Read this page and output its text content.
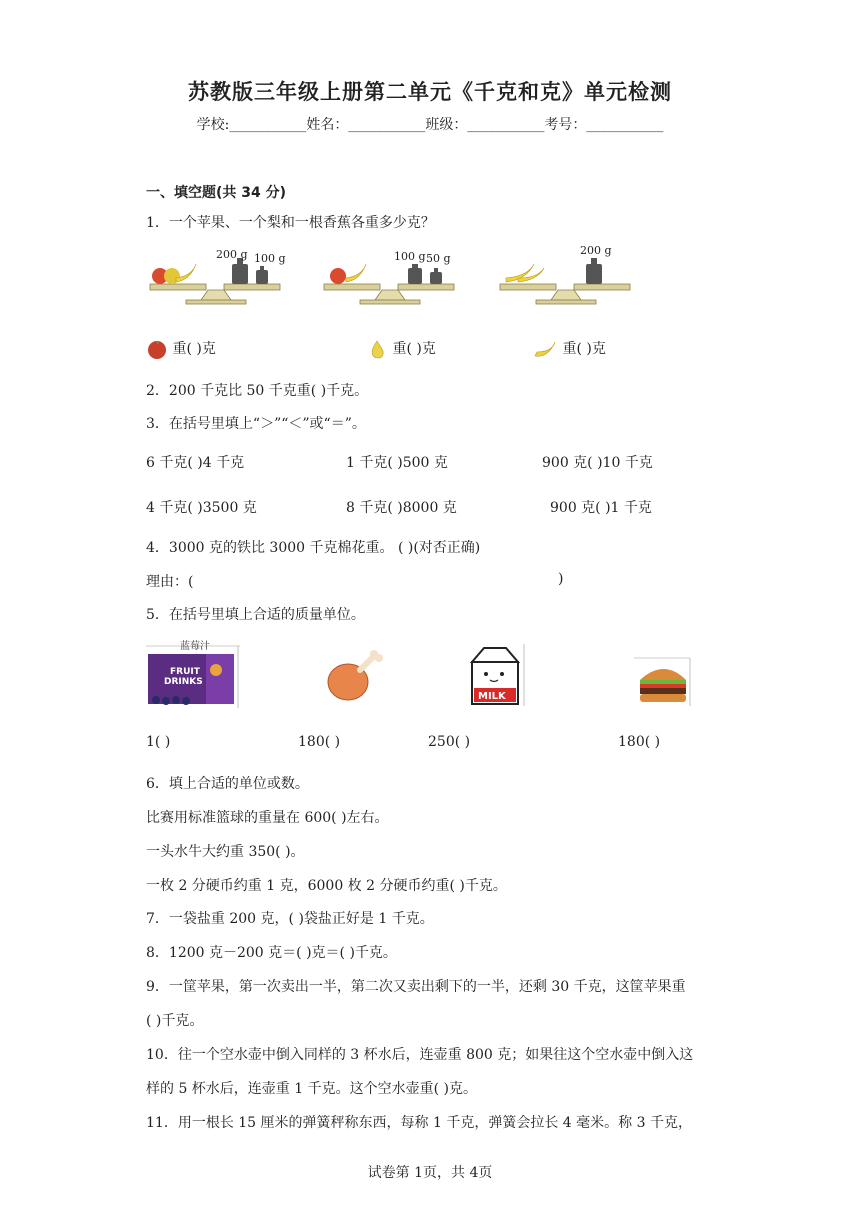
苏教版三年级上册第二单元《千克和克》单元检测
学校:___________姓名：___________班级：___________考号：___________
一、填空题(共 34 分)
1．一个苹果、一个梨和一根香蕉各重多少克？
200 g 100 g	100 g 50 g
200 g
重( )克	重( )克	重( )克
2．200 千克比 50 千克重( )千克。
3．在括号里填上“＞”“＜”或“＝”。
6 千克( )4 千克	1 千克( )500 克	900 克( )10 千克
4 千克( )3500 克	8 千克( )8000 克	900 克( )1 千克
4．3000 克的铁比 3000 千克棉花重。 ( )(对否正确)
理由：(	)
5．在括号里填上合适的质量单位。
蓝莓汁
FRUIT
DRINKS
MILK
1( )	180( )	250( )	180( )
6．填上合适的单位或数。
比赛用标准篮球的重量在 600( )左右。
一头水牛大约重 350( )。
一枚 2 分硬币约重 1 克，6000 枚 2 分硬币约重( )千克。
7．一袋盐重 200 克，( )袋盐正好是 1 千克。
8．1200 克－200 克＝( )克＝( )千克。
9．一筐苹果，第一次卖出一半，第二次又卖出剩下的一半，还剩 30 千克，这筐苹果重
( )千克。
10．往一个空水壶中倒入同样的 3 杯水后，连壶重 800 克；如果往这个空水壶中倒入这
样的 5 杯水后，连壶重 1 千克。这个空水壶重( )克。
11．用一根长 15 厘米的弹簧秤称东西，每称 1 千克，弹簧会拉长 4 毫米。称 3 千克，
试卷第 1页，共 4页
